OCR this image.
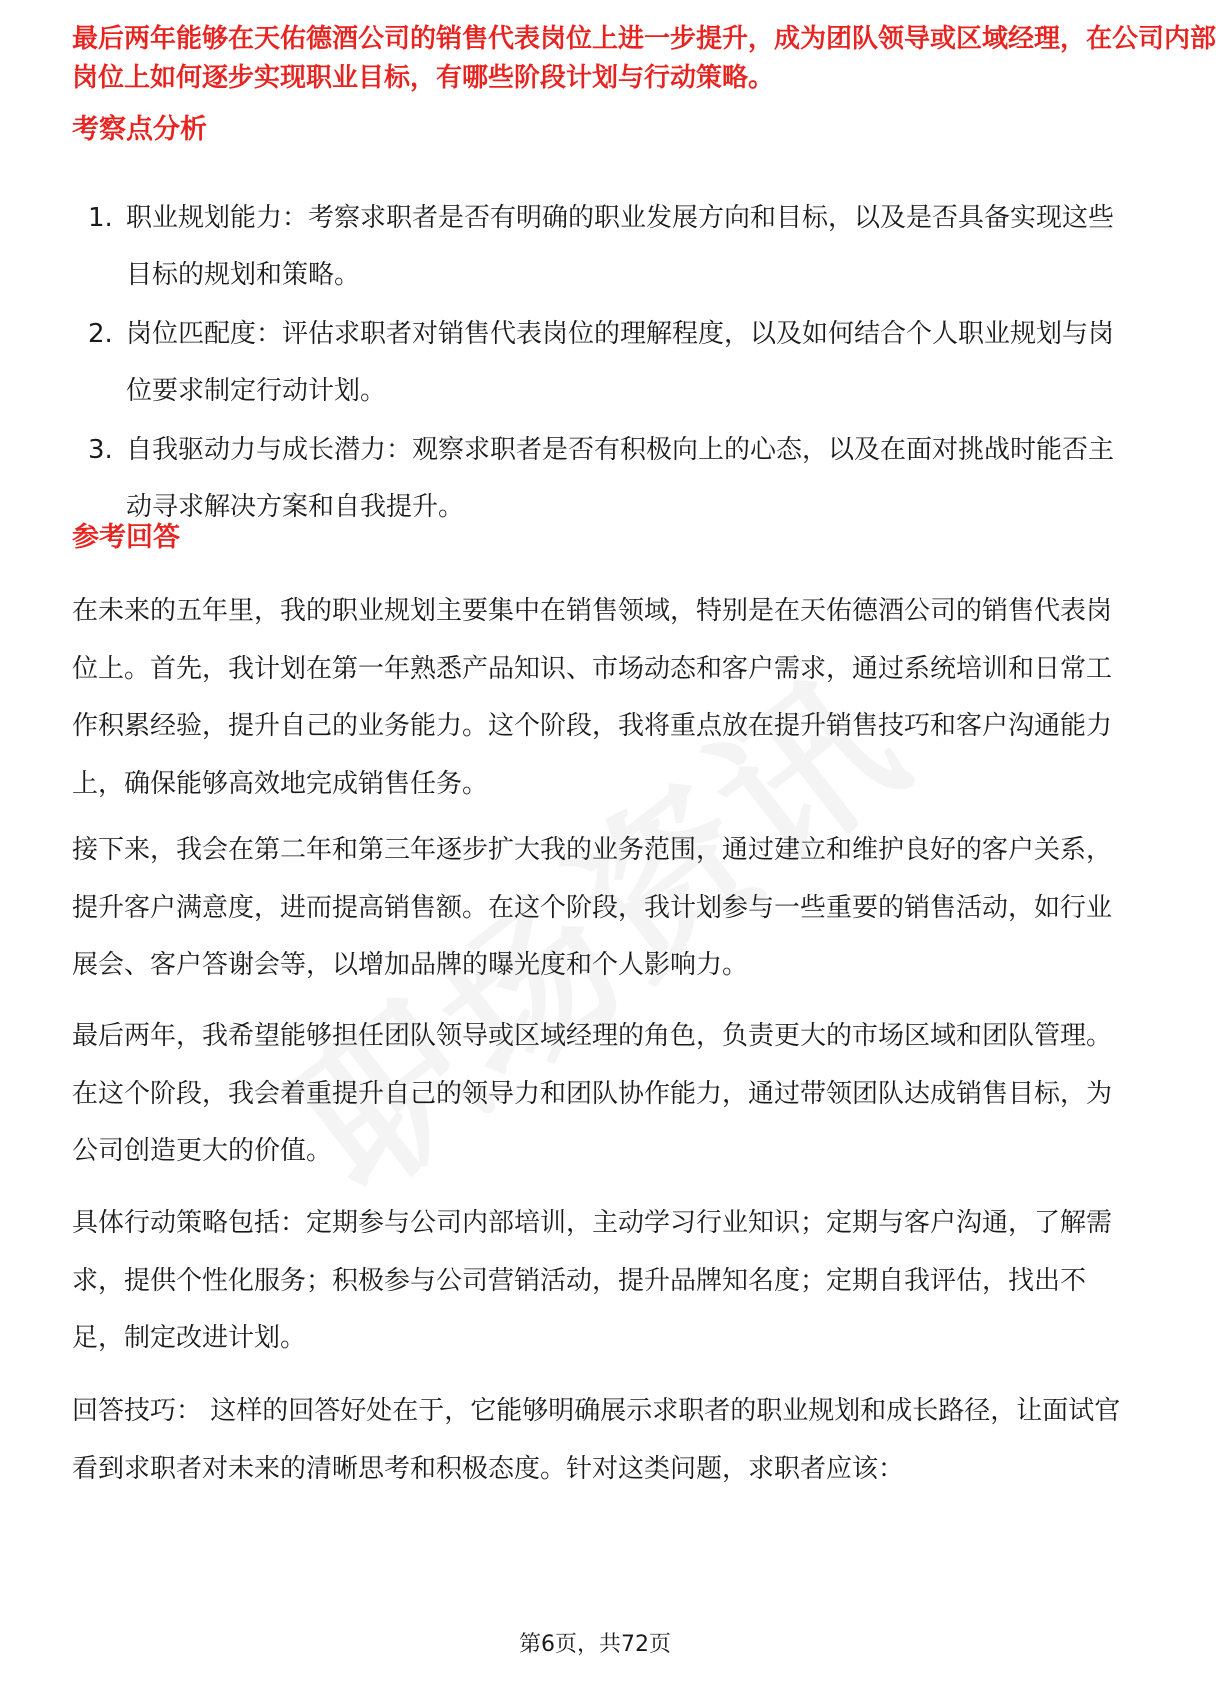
最后两年能够在天佑德酒公司的销售代表岗位上进一步提升，成为团队领导或区域经理，在公司内部

岗位上如何逐步实现职业目标，有哪些阶段计划与行动策略。

考察点分析
1. 职业规划能力：考察求职者是否有明确的职业发展方向和目标，以及是否具备实现这些目标的规划和策略。
2. 岗位匹配度：评估求职者对销售代表岗位的理解程度，以及如何结合个人职业规划与岗位要求制定行动计划。
3. 自我驱动力与成长潜力：观察求职者是否有积极向上的心态，以及在面对挑战时能否主动寻求解决方案和自我提升。
参考回答

在未来的五年里，我的职业规划主要集中在销售领域，特别是在天佑德酒公司的销售代表岗位上。首先，我计划在第一年熟悉产品知识、市场动态和客户需求，通过系统培训和日常工作积累经验，提升自己的业务能力。这个阶段，我将重点放在提升销售技巧和客户沟通能力上，确保能够高效地完成销售任务。

接下来，我会在第二年和第三年逐步扩大我的业务范围，通过建立和维护良好的客户关系，提升客户满意度，进而提高销售额。在这个阶段，我计划参与一些重要的销售活动，如行业展会、客户答谢会等，以增加品牌的曝光度和个人影响力。

最后两年，我希望能够担任团队领导或区域经理的角色，负责更大的市场区域和团队管理。在这个阶段，我会着重提升自己的领导力和团队协作能力，通过带领团队达成销售目标，为公司创造更大的价值。

具体行动策略包括：定期参与公司内部培训，主动学习行业知识；定期与客户沟通，了解需求，提供个性化服务；积极参与公司营销活动，提升品牌知名度；定期自我评估，找出不足，制定改进计划。

回答技巧： 这样的回答好处在于，它能够明确展示求职者的职业规划和成长路径，让面试官看到求职者对未来的清晰思考和积极态度。针对这类问题，求职者应该：

第6页，共72页
